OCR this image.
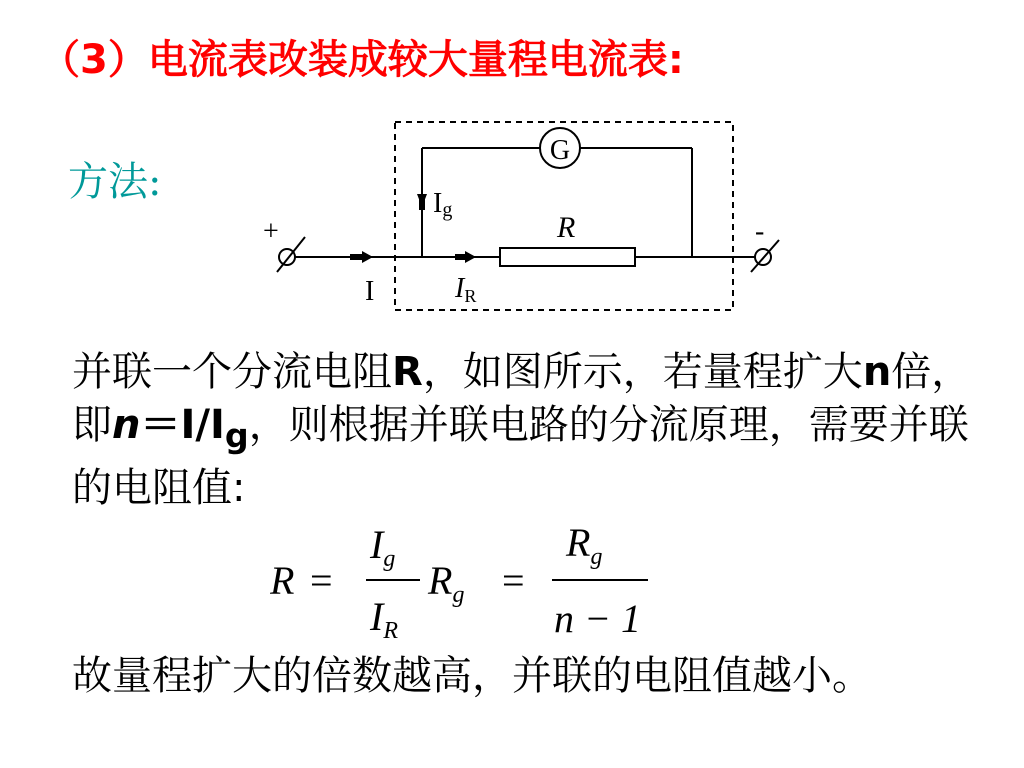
（3）电流表改装成较大量程电流表:
方法:
R
G
Ig
I	IR
+	-
并联一个分流电阻R，如图所示，若量程扩大n倍，即$n=I/I_g$，则根据并联电路的分流原理，需要并联的电阻值:
R =
$I_g$
$I_R$
$R_g$ =
$R_g$
n − 1
故量程扩大的倍数越高，并联的电阻值越小。
